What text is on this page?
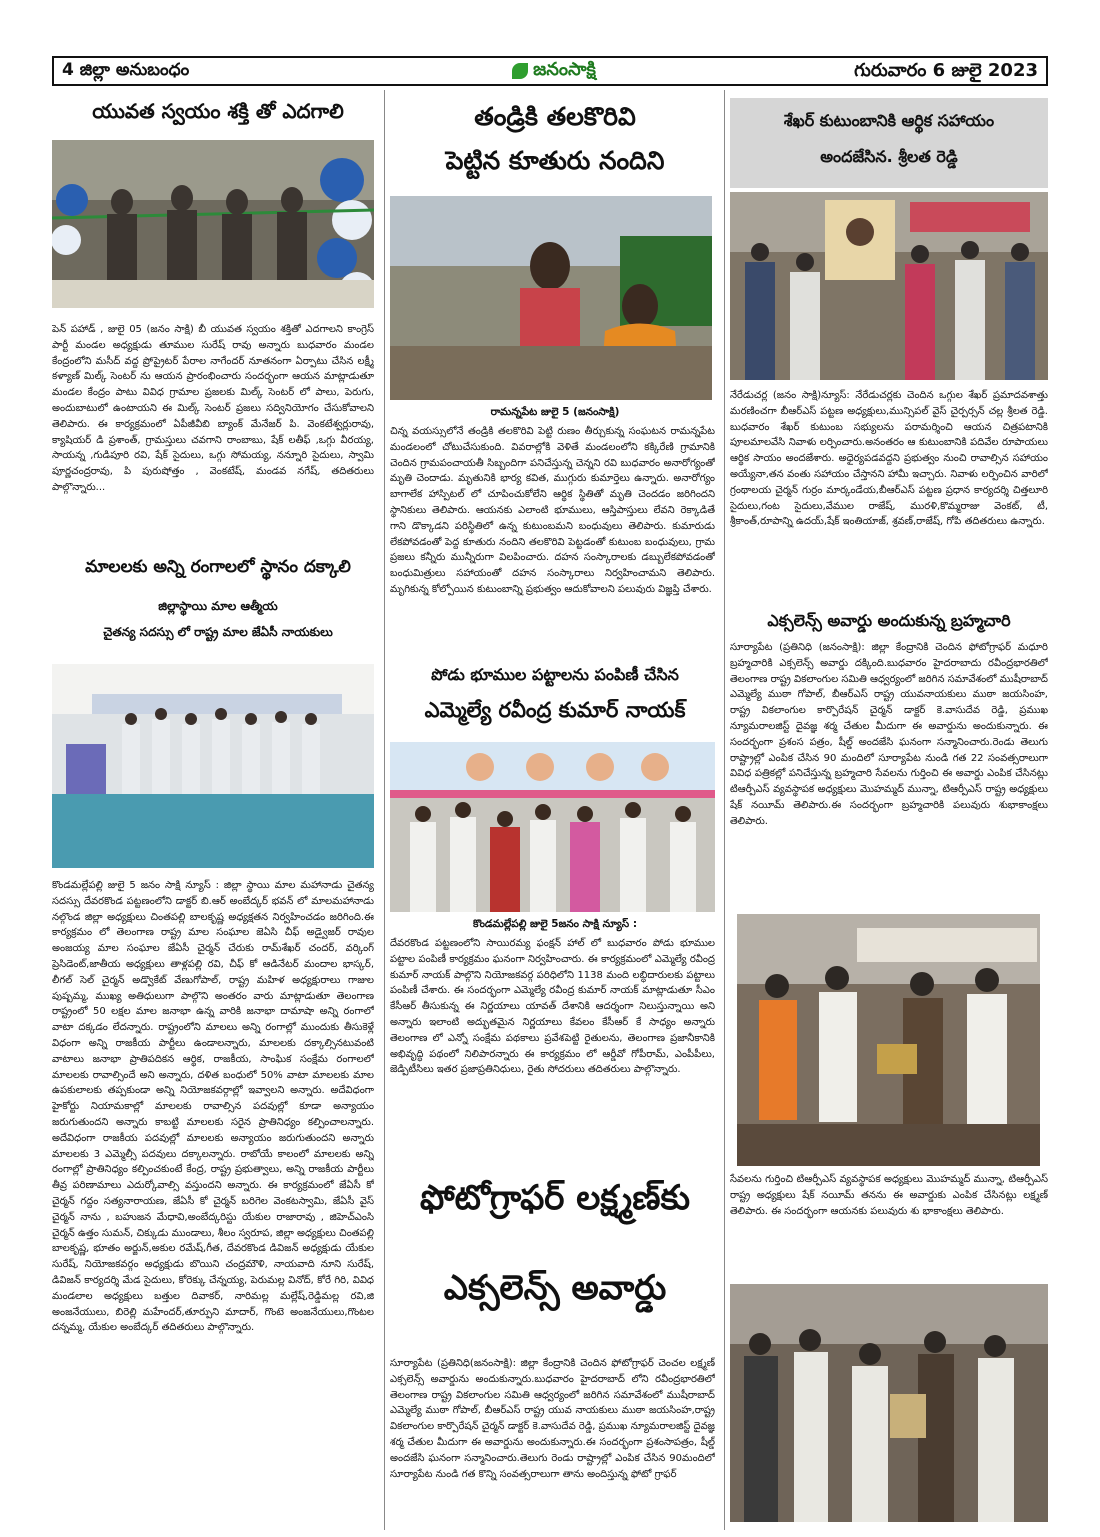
4 జిల్లా అనుబంధం	జనంసాక్షి	గురువారం 6 జులై 2023
యువత స్వయం శక్తి తో ఎదగాలి

పెన్ పహాడ్ , జులై 05 (జనం సాక్షి) బీ యువత స్వయం శక్తితో ఎదగాలని కాంగ్రెస్ పార్టీ మండల అధ్యక్షుడు తూముల సురేష్ రావు అన్నారు బుధవారం మండల కేంద్రంలోని మసీద్ వద్ద ప్రోప్రైటర్ పేరాల నాగేందర్ నూతనంగా ఏర్పాటు చేసిన లక్ష్మీ కళ్యాణ్ మిల్క్ సెంటర్ ను ఆయన ప్రారంభించారు సందర్భంగా ఆయన మాట్లాడుతూ మండల కేంద్రం పాటు వివిధ గ్రామాల ప్రజలకు మిల్క్ సెంటర్ లో పాలు, పెరుగు, అందుబాటులో ఉంటాయని ఈ మిల్క్ సెంటర్ ప్రజలు సద్వినియోగం చేసుకోవాలని తెలిపారు. ఈ కార్యక్రమంలో ఏపీజీవీబి బ్యాంక్ మేనేజర్ పి. వెంకటేశ్వర్లురావు, క్యాషియర్ డి ప్రశాంత్, గ్రామస్తులు చవగాని రాంబాబు, షేక్ లతీఫ్ ,ఒగ్గు వీరయ్య, సాయన్న ,గుడిపూరి రవి, షేక్ సైదులు, ఒగ్గు సోమయ్య, నన్నూరి సైదులు, స్వామి పూర్ణచంద్రరావు, పి పురుషోత్తం , వెంకటేష్, మండవ నగేష్, తదితరులు పాల్గొన్నారు...

మాలలకు అన్ని రంగాలలో స్థానం దక్కాలి
జిల్లాస్థాయి మాల ఆత్మీయ
చైతన్య సదస్సు లో రాష్ట్ర మాల జేఏసీ నాయకులు

కొండమల్లేపల్లి జులై 5 జనం సాక్షి న్యూస్ : జిల్లా స్థాయి మాల మహానాడు చైతన్య సదస్సు దేవరకొండ పట్టణంలోని డాక్టర్ బి.ఆర్ అంబేద్కర్ భవన్ లో మాలమహానాడు నల్గొండ జిల్లా అధ్యక్షులు చింతపల్లి బాలకృష్ణ అధ్యక్షతన నిర్వహించడం జరిగింది.ఈ కార్యక్రమం లో తెలంగాణ రాష్ట్ర మాల సంఘాల జెఏసి చీఫ్ అడ్వైజర్ రావుల అంజయ్య మాల సంఘాల జేఏసీ చైర్మన్ చేరుకు రామ్‌శేఖర్ చందర్, వర్కింగ్ ప్రెసిడెంట్,జాతీయ అధ్యక్షులు తాళ్లపల్లి రవి, చీఫ్ కో ఆడినేటర్ మందాల భాస్కర్, లీగల్ సెల్ చైర్మన్ అడ్వొకేట్ వేణుగోపాల్, రాష్ట్ర మహిళ అధ్యక్షురాలు గాజుల పుష్పమ్మ, ముఖ్య అతిధులుగా పాల్గొని అంతరం వారు మాట్లాడుతూ తెలంగాణ రాష్ట్రంలో 50 లక్షల మాల జనాభా ఉన్న వారికి జనాభా దామాషా అన్ని రంగాలో వాటా దక్కడం లేదన్నారు. రాష్ట్రంలోని మాలలు అన్ని రంగాల్లో ముందుకు తీసుకెళ్లే విధంగా అన్ని రాజకీయ పార్టీలు ఉండాలన్నారు, మాలలకు దక్కాల్సినటువంటి వాటాలు జనాభా ప్రాతిపదికన ఆర్థిక, రాజకీయ, సాంఘిక సంక్షేమ రంగాలలో మాలలకు రావాల్సిందే అని అన్నారు, దళిత బంధులో 50% వాటా మాలలకు మాల ఉపకులాలకు తప్పకుండా అన్ని నియోజకవర్గాల్లో ఇవ్వాలని అన్నారు. అదేవిధంగా హైకోర్టు నియామకాల్లో మాలలకు రావాల్సిన పదవుల్లో కూడా అన్యాయం జరుగుతుందని అన్నారు కాబట్టి మాలలకు సరైన ప్రాతినిధ్యం కల్పించాలన్నారు. అదేవిధంగా రాజకీయ పదవుల్లో మాలలకు అన్యాయం జరుగుతుందని అన్నారు మాలలకు 3 ఎమ్మెల్సీ పదవులు దక్కాలన్నారు. రాబోయే కాలంలో మాలలకు అన్ని రంగాల్లో ప్రాతినిధ్యం కల్పించకుంటే కేంద్ర, రాష్ట్ర ప్రభుత్వాలు, అన్ని రాజకీయ పార్టీలు తీవ్ర పరిణామాలు ఎదుర్కోవాల్సి వస్తుందని అన్నారు. ఈ కార్యక్రమంలో జేఏసీ కో చైర్మన్ గద్దం సత్యనారాయణ, జేఏసీ కో చైర్మన్ బరిగెల వెంకటస్వామి, జేఏసీ వైస్ చైర్మన్ నాను , బహుజన మేధావి,అంబేద్కరిస్టు యేకుల రాజారావు , జిహెచ్ఎంసి చైర్మన్ ఉత్తం సుమన్, చిక్కుడు ముండాలు, శీలం స్వరూప, జిల్లా అధ్యక్షులు చింతపల్లి బాలకృష్ణ, భూతం అర్జున్,అకుల రమేష్,గీత, దేవరకొండ డివిజన్ అధ్యక్షుడు యేకుల సురేష్, నియోజకవర్గం అధ్యక్షుడు బొయిని చంద్రమౌళి, నాయవాది నూని సురేష్, డివిజన్ కార్యదర్శి మేడ సైదులు, కోరెక్కు చేన్నయ్య, పెరుమల్ల వినోద్, కోరే గిరి, వివిధ మండలాల అధ్యక్షులు బత్తుల దివాకర్, నారిమల్ల మల్లేష్,రెడ్డిమల్ల రవి,జి అంజనేయులు, బిరెల్లి మహేందర్,తూర్పుని మాదార్, గొంటె అంజనేయులు,గొంటల దన్నమ్మ, యేకుల అంబేద్కర్ తదితరులు పాల్గొన్నారు.

తండ్రికి తలకొరివి
పెట్టిన కూతురు నందిని
రామన్నపేట జులై 5 (జనంసాక్షి)

చిన్న వయస్సులోనే తండ్రికి తలకొరివి పెట్టి రుణం తీర్చుకున్న సంఘటన రామన్నపేట మండలంలో చోటుచేసుకుంది. వివరాల్లోకి వెళితే మండలంలోని కక్కిరేణి గ్రామానికి చెందిన గ్రామపంచాయతీ సిబ్బందిగా పనిచేస్తున్న చెన్నని రవి బుధవారం అనారోగ్యంతో మృతి చెందాడు. మృతునికి భార్య కవిత, ముగ్గురు కుమార్తెలు ఉన్నారు. అనారోగ్యం బాగాలేక హాస్పిటల్ లో చూపించుకోలేని ఆర్థిక స్థితితో మృతి చెందడం జరిగిందని స్థానికులు తెలిపారు. ఆయనకు ఎలాంటి భూములు, ఆస్తిపాస్తులు లేవని రెక్కాడితే గాని డొక్కాడని పరిస్థితిలో ఉన్న కుటుంబమని బంధువులు తెలిపారు. కుమారుడు లేకపోవడంతో పెద్ద కూతురు నందిని తలకొరివి పెట్టడంతో కుటుంబ బంధువులు, గ్రామ ప్రజలు కన్నీరు మున్నీరుగా విలపించారు. దహన సంస్కారాలకు డబ్బులేకపోవడంతో బంధుమిత్రులు సహాయంతో దహన సంస్కారాలు నిర్వహించామని తెలిపారు. మృగికున్న కోల్పోయిన కుటుంబాన్ని ప్రభుత్వం ఆదుకోవాలని పలువురు విజ్ఞప్తి చేశారు.

పోడు భూముల పట్టాలను పంపిణీ చేసిన
ఎమ్మెల్యే రవీంద్ర కుమార్ నాయక్
కొండమల్లేపల్లి జులై 5జనం సాక్షి న్యూస్ :

దేవరకొండ పట్టణంలోని సాయిరమ్య ఫంక్షన్ హాల్ లో బుధవారం పోడు భూముల పట్టాల పంపిణీ కార్యక్రమం ఘనంగా నిర్వహించారు. ఈ కార్యక్రమంలో ఎమ్మెల్యే రవీంద్ర కుమార్ నాయక్ పాల్గొని నియోజకవర్గ పరిధిలోని 1138 మంది లబ్ధిదారులకు పట్టాలు పంపిణీ చేశారు. ఈ సందర్భంగా ఎమ్మెల్యే రవీంద్ర కుమార్ నాయక్ మాట్లాడుతూ సీఎం కేసీఆర్ తీసుకున్న ఈ నిర్ణయాలు యావత్ దేశానికి ఆదర్శంగా నిలుస్తున్నాయి అని అన్నారు ఇలాంటి అద్భుతమైన నిర్ణయాలు కేవలం కేసీఆర్ కే సాధ్యం అన్నారు తెలంగాణ లో ఎన్నో సంక్షేమ పథకాలు ప్రవేశపెట్టి రైతులను, తెలంగాణ ప్రజానీకానికి అభివృద్ధి పథంలో నిలిపారన్నారు ఈ కార్యక్రమం లో ఆర్డీవో గోపీరామ్, ఎంపీపీలు, జెడ్పిటీసిలు ఇతర ప్రజాప్రతినిధులు, రైతు సోదరులు తదితరులు పాల్గొన్నారు.

ఫోటోగ్రాఫర్ లక్ష్మణ్‌కు
ఎక్సలెన్స్ అవార్డు

సూర్యాపేట (ప్రతినిధి(జనంసాక్షి): జిల్లా కేంద్రానికి చెందిన ఫోటోగ్రాఫర్ చెంచల లక్ష్మణ్ ఎక్సలెన్స్ అవార్డును అందుకున్నారు.బుధవారం హైదరాబాద్ లోని రవీంద్రభారతిలో తెలంగాణ రాష్ట్ర వికలాంగుల సమితి ఆధ్వర్యంలో జరిగిన సమావేశంలో ముషీరాబాద్ ఎమ్మెల్యే ముఠా గోపాల్, బీఆర్ఎస్ రాష్ట్ర యువ నాయకులు ముఠా జయసింహ,రాష్ట్ర వికలాంగుల కార్పొరేషన్ చైర్మన్ డాక్టర్ కె.వాసుదేవ రెడ్డి, ప్రముఖ న్యూమరాలజిస్ట్ దైవజ్ఞ శర్మ చేతుల మీదుగా ఈ అవార్డును అందుకున్నారు.ఈ సందర్భంగా ప్రశంసాపత్రం, షీల్డ్ అందజేసి ఘనంగా సన్మానించారు.తెలుగు రెండు రాష్ట్రాల్లో ఎంపిక చేసిన 90మందిలో సూర్యాపేట నుండి గత కొన్ని సంవత్సరాలుగా తాను అందిస్తున్న ఫోటో గ్రాఫర్

శేఖర్ కుటుంబానికి ఆర్థిక సహాయం
అందజేసిన. శ్రీలత రెడ్డి

నేరేడుచర్ల (జనం సాక్షి)న్యూస్: నేరేడుచర్లకు చెందిన ఒగ్గుల శేఖర్ ప్రమాదవశాత్తు మరణించగా బీఆర్ఎస్ పట్టణ అధ్యక్షులు,మున్సిపల్ వైస్ చైర్పర్సన్ చల్ల శ్రీలత రెడ్డి. బుధవారం శేఖర్ కుటుంబ సభ్యులను పరామర్శించి ఆయన చిత్రపటానికి పూలమాలవేసి నివాళు లర్పించారు.అనంతరం ఆ కుటుంబానికి పదివేల రూపాయలు ఆర్థిక సాయం అందజేశారు. అధైర్యపడవద్దని ప్రభుత్వం నుంచి రావాల్సిన సహాయం అయ్యేనా,తన వంతు సహాయం చేస్తానని హామీ ఇచ్చారు. నివాళు లర్పించిన వారిలో గ్రంథాలయ చైర్మన్ గుర్రం మార్కండేయ,బీఆర్ఎస్ పట్టణ ప్రధాన కార్యదర్శి చిత్తలూరి సైదులు,గంట సైదులు,వేముల రాజేష్, మురళి,కొమ్మరాజు వెంకట్, టీ, శ్రీకాంత్,రూపాన్ని ఉదయ్,షేక్ ఇంతియాజ్, శ్రవణ్,రాజేష్, గోపి తదితరులు ఉన్నారు.

ఎక్సలెన్స్ అవార్డు అందుకున్న బ్రహ్మచారి

సూర్యాపేట (ప్రతినిధి (జనంసాక్షి): జిల్లా కేంద్రానికి చెందిన ఫోటోగ్రాఫర్ మధూరి బ్రహ్మచారికి ఎక్సలెన్స్ అవార్డు దక్కింది.బుధవారం హైదరాబాదు రవీంద్రభారతిలో తెలంగాణ రాష్ట్ర వికలాంగుల సమితి ఆధ్వర్యంలో జరిగిన సమావేశంలో ముషీరాబాద్ ఎమ్మెల్యే ముఠా గోపాల్, బీఆర్ఎస్ రాష్ట్ర యువనాయకులు ముఠా జయసింహ, రాష్ట్ర వికలాంగుల కార్పొరేషన్ చైర్మన్ డాక్టర్ కె.వాసుదేవ రెడ్డి, ప్రముఖ న్యూమరాలజిస్ట్ దైవజ్ఞ శర్మ చేతుల మీదుగా ఈ అవార్డును అందుకున్నారు. ఈ సందర్భంగా ప్రశంస పత్రం, షీల్డ్ అందజేసి ఘనంగా సన్మానించారు.రెండు తెలుగు రాష్ట్రాల్లో ఎంపిక చేసిన 90 మందిలో సూర్యాపేట నుండి గత 22 సంవత్సరాలుగా వివిధ పత్రికల్లో పనిచేస్తున్న బ్రహ్మచారి సేవలను గుర్తించి ఈ అవార్డు ఎంపిక చేసినట్లు టిఆర్పీఎస్ వ్యవస్థాపక అధ్యక్షులు మొహమ్మద్ మున్నా, టిఆర్పీఎస్ రాష్ట్ర అధ్యక్షులు షేక్ నయీమ్ తెలిపారు.ఈ సందర్భంగా బ్రహ్మచారికి పలువురు శుభాకాంక్షలు తెలిపారు.

సేవలను గుర్తించి టిఆర్పీఎస్ వ్యవస్థాపక అధ్యక్షులు మొహమ్మద్ మున్నా, టిఆర్పీఎస్ రాష్ట్ర అధ్యక్షులు షేక్ నయీమ్ తనను ఈ అవార్డుకు ఎంపిక చేసినట్లు లక్ష్మణ్ తెలిపారు. ఈ సందర్భంగా ఆయనకు పలువురు శు భాకాంక్షలు తెలిపారు.
